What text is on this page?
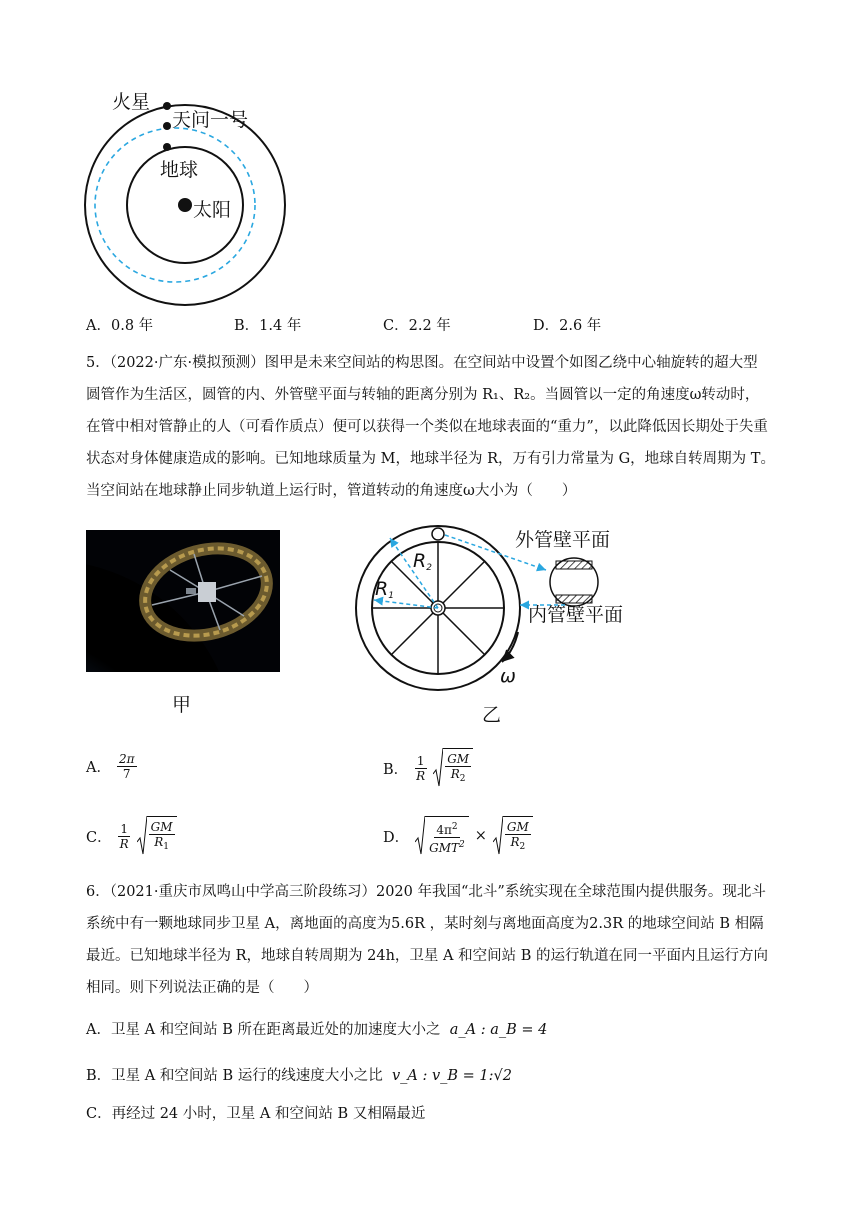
火星
天问一号
地球
太阳
A．0.8 年	B．1.4 年	C．2.2 年	D．2.6 年
5．（2022·广东·模拟预测）图甲是未来空间站的构思图。在空间站中设置个如图乙绕中心轴旋转的超大型
圆管作为生活区，圆管的内、外管壁平面与转轴的距离分别为 R₁、R₂。当圆管以一定的角速度ω转动时，
在管中相对管静止的人（可看作质点）便可以获得一个类似在地球表面的“重力”，以此降低因长期处于失重
状态对身体健康造成的影响。已知地球质量为 M，地球半径为 R，万有引力常量为 G，地球自转周期为 T。
当空间站在地球静止同步轨道上运行时，管道转动的角速度ω大小为（　　）
甲
$R_2$
$R_1$
外管壁平面
内管壁平面
ω
乙
A． $\frac{2\pi}{7}$	B． $\frac{1}{R} \frac{GM}{R_2}$
C． $\frac{1}{R} \frac{GM}{R_1}$	D． $\frac{4\pi^2}{GMT^2} \times \frac{GM}{R_2}$
6．（2021·重庆市凤鸣山中学高三阶段练习）2020 年我国“北斗”系统实现在全球范围内提供服务。现北斗
系统中有一颗地球同步卫星 A，离地面的高度为5.6R ，某时刻与离地面高度为2.3R 的地球空间站 B 相隔
最近。已知地球半径为 R，地球自转周期为 24h，卫星 A 和空间站 B 的运行轨道在同一平面内且运行方向
相同。则下列说法正确的是（　　）
A．卫星 A 和空间站 B 所在距离最近处的加速度大小之 a_A : a_B = 4
B．卫星 A 和空间站 B 运行的线速度大小之比 v_A : v_B = 1:√2
C．再经过 24 小时，卫星 A 和空间站 B 又相隔最近
